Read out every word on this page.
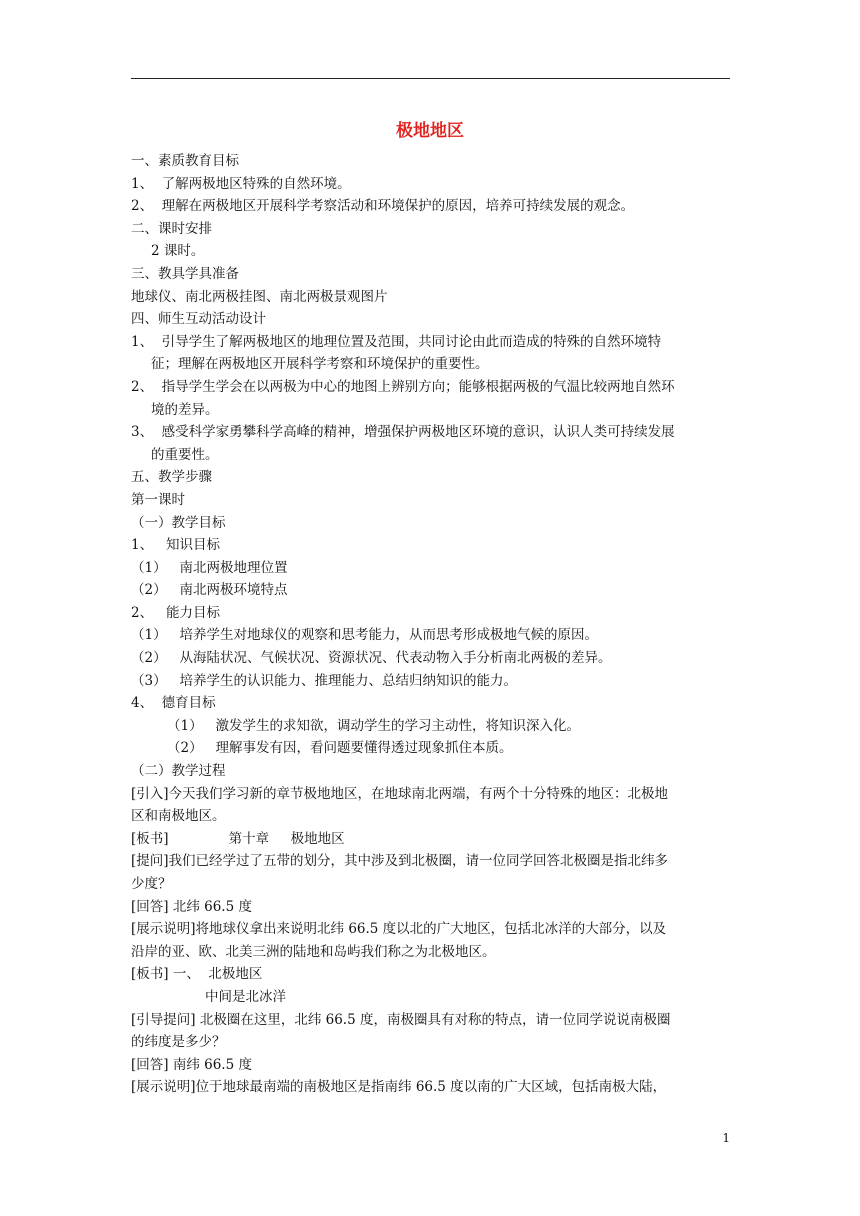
极地地区
一、素质教育目标
1、  了解两极地区特殊的自然环境。
2、  理解在两极地区开展科学考察活动和环境保护的原因，培养可持续发展的观念。
二、课时安排
2 课时。
三、教具学具准备
地球仪、南北两极挂图、南北两极景观图片
四、师生互动活动设计
1、  引导学生了解两极地区的地理位置及范围，共同讨论由此而造成的特殊的自然环境特
征；理解在两极地区开展科学考察和环境保护的重要性。
2、  指导学生学会在以两极为中心的地图上辨别方向；能够根据两极的气温比较两地自然环
境的差异。
3、  感受科学家勇攀科学高峰的精神，增强保护两极地区环境的意识，认识人类可持续发展
的重要性。
五、教学步骤
第一课时
（一）教学目标
1、   知识目标
（1）   南北两极地理位置
（2）   南北两极环境特点
2、   能力目标
（1）   培养学生对地球仪的观察和思考能力，从而思考形成极地气候的原因。
（2）   从海陆状况、气候状况、资源状况、代表动物入手分析南北两极的差异。
（3）   培养学生的认识能力、推理能力、总结归纳知识的能力。
4、  德育目标
（1）   激发学生的求知欲，调动学生的学习主动性，将知识深入化。
（2）   理解事发有因，看问题要懂得透过现象抓住本质。
（二）教学过程
[引入]今天我们学习新的章节极地地区，在地球南北两端，有两个十分特殊的地区：北极地
区和南极地区。
[板书]              第十章     极地地区
[提问]我们已经学过了五带的划分，其中涉及到北极圈，请一位同学回答北极圈是指北纬多
少度？
[回答] 北纬 66.5 度
[展示说明]将地球仪拿出来说明北纬 66.5 度以北的广大地区，包括北冰洋的大部分，以及
沿岸的亚、欧、北美三洲的陆地和岛屿我们称之为北极地区。
[板书] 一、  北极地区
中间是北冰洋
[引导提问] 北极圈在这里，北纬 66.5 度，南极圈具有对称的特点，请一位同学说说南极圈
的纬度是多少？
[回答] 南纬 66.5 度
[展示说明]位于地球最南端的南极地区是指南纬 66.5 度以南的广大区域，包括南极大陆，
1
